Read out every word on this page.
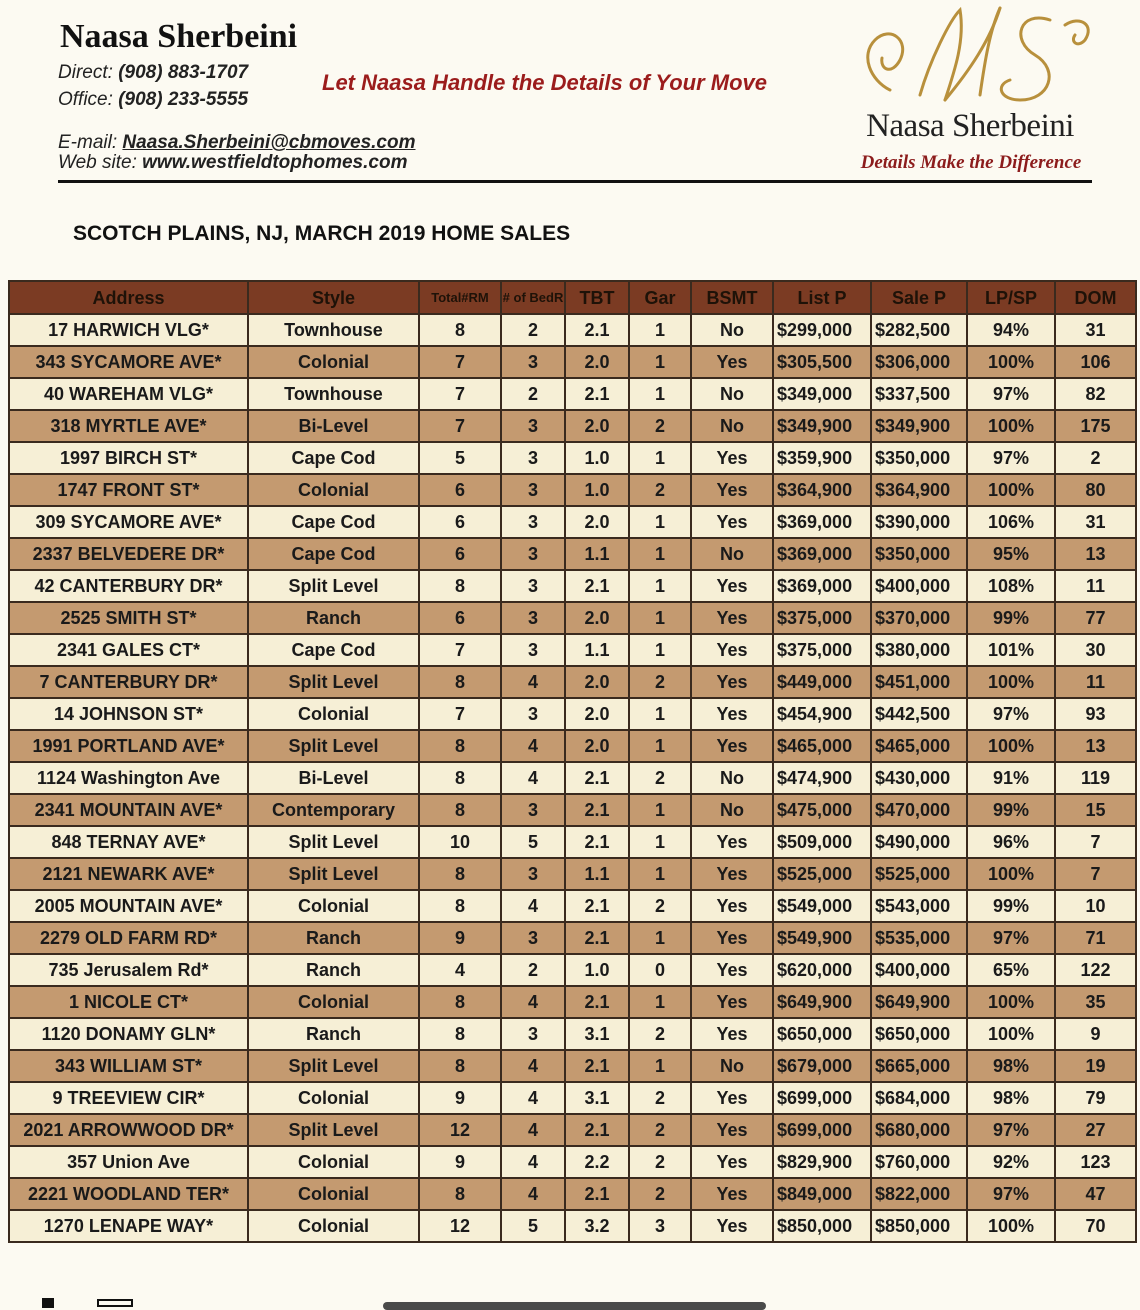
Naasa Sherbeini
Direct: (908) 883-1707
Office: (908) 233-5555
E-mail: Naasa.Sherbeini@cbmoves.com
Web site: www.westfieldtophomes.com
Let Naasa Handle the Details of Your Move
Naasa Sherbeini
Details Make the Difference
SCOTCH PLAINS, NJ, MARCH 2019 HOME SALES
Address	Style	Total#RM	# of BedR	TBT	Gar	BSMT	List P	Sale P	LP/SP	DOM
17 HARWICH VLG*	Townhouse	8	2	2.1	1	No	$299,000	$282,500	94%	31
343 SYCAMORE AVE*	Colonial	7	3	2.0	1	Yes	$305,500	$306,000	100%	106
40 WAREHAM VLG*	Townhouse	7	2	2.1	1	No	$349,000	$337,500	97%	82
318 MYRTLE AVE*	Bi-Level	7	3	2.0	2	No	$349,900	$349,900	100%	175
1997 BIRCH ST*	Cape Cod	5	3	1.0	1	Yes	$359,900	$350,000	97%	2
1747 FRONT ST*	Colonial	6	3	1.0	2	Yes	$364,900	$364,900	100%	80
309 SYCAMORE AVE*	Cape Cod	6	3	2.0	1	Yes	$369,000	$390,000	106%	31
2337 BELVEDERE DR*	Cape Cod	6	3	1.1	1	No	$369,000	$350,000	95%	13
42 CANTERBURY DR*	Split Level	8	3	2.1	1	Yes	$369,000	$400,000	108%	11
2525 SMITH ST*	Ranch	6	3	2.0	1	Yes	$375,000	$370,000	99%	77
2341 GALES CT*	Cape Cod	7	3	1.1	1	Yes	$375,000	$380,000	101%	30
7 CANTERBURY DR*	Split Level	8	4	2.0	2	Yes	$449,000	$451,000	100%	11
14 JOHNSON ST*	Colonial	7	3	2.0	1	Yes	$454,900	$442,500	97%	93
1991 PORTLAND AVE*	Split Level	8	4	2.0	1	Yes	$465,000	$465,000	100%	13
1124 Washington Ave	Bi-Level	8	4	2.1	2	No	$474,900	$430,000	91%	119
2341 MOUNTAIN AVE*	Contemporary	8	3	2.1	1	No	$475,000	$470,000	99%	15
848 TERNAY AVE*	Split Level	10	5	2.1	1	Yes	$509,000	$490,000	96%	7
2121 NEWARK AVE*	Split Level	8	3	1.1	1	Yes	$525,000	$525,000	100%	7
2005 MOUNTAIN AVE*	Colonial	8	4	2.1	2	Yes	$549,000	$543,000	99%	10
2279 OLD FARM RD*	Ranch	9	3	2.1	1	Yes	$549,900	$535,000	97%	71
735 Jerusalem Rd*	Ranch	4	2	1.0	0	Yes	$620,000	$400,000	65%	122
1 NICOLE CT*	Colonial	8	4	2.1	1	Yes	$649,900	$649,900	100%	35
1120 DONAMY GLN*	Ranch	8	3	3.1	2	Yes	$650,000	$650,000	100%	9
343 WILLIAM ST*	Split Level	8	4	2.1	1	No	$679,000	$665,000	98%	19
9 TREEVIEW CIR*	Colonial	9	4	3.1	2	Yes	$699,000	$684,000	98%	79
2021 ARROWWOOD DR*	Split Level	12	4	2.1	2	Yes	$699,000	$680,000	97%	27
357 Union Ave	Colonial	9	4	2.2	2	Yes	$829,900	$760,000	92%	123
2221 WOODLAND TER*	Colonial	8	4	2.1	2	Yes	$849,000	$822,000	97%	47
1270 LENAPE WAY*	Colonial	12	5	3.2	3	Yes	$850,000	$850,000	100%	70
